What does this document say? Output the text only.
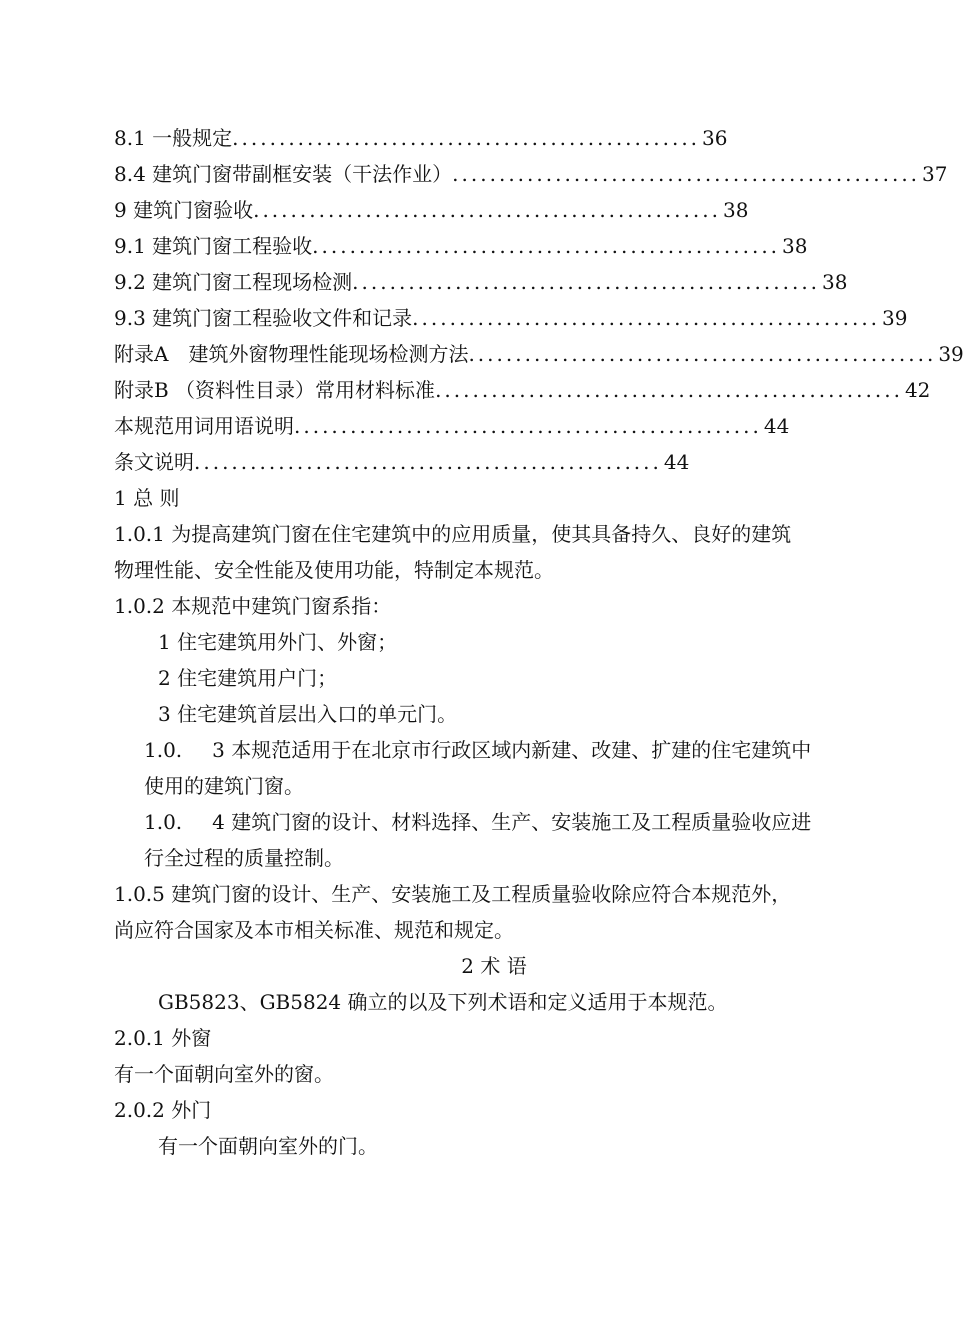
8.1 一般规定 .................................................. 36
8.4 建筑门窗带副框安装（干法作业） .................................................. 37
9 建筑门窗验收 .................................................. 38
9.1 建筑门窗工程验收 .................................................. 38
9.2 建筑门窗工程现场检测 .................................................. 38
9.3 建筑门窗工程验收文件和记录 .................................................. 39
附录A　建筑外窗物理性能现场检测方法 .................................................. 39
附录B （资料性目录）常用材料标准 .................................................. 42
本规范用词用语说明 .................................................. 44
条文说明 .................................................. 44
1 总 则
1.0.1 为提高建筑门窗在住宅建筑中的应用质量，使其具备持久、良好的建筑
物理性能、安全性能及使用功能，特制定本规范。
1.0.2 本规范中建筑门窗系指：
1 住宅建筑用外门、外窗；
2 住宅建筑用户门；
3 住宅建筑首层出入口的单元门。
1.0. 3 本规范适用于在北京市行政区域内新建、改建、扩建的住宅建筑中
使用的建筑门窗。
1.0. 4 建筑门窗的设计、材料选择、生产、安装施工及工程质量验收应进
行全过程的质量控制。
1.0.5 建筑门窗的设计、生产、安装施工及工程质量验收除应符合本规范外，
尚应符合国家及本市相关标准、规范和规定。
2 术 语
GB5823、GB5824 确立的以及下列术语和定义适用于本规范。
2.0.1 外窗
有一个面朝向室外的窗。
2.0.2 外门
有一个面朝向室外的门。
